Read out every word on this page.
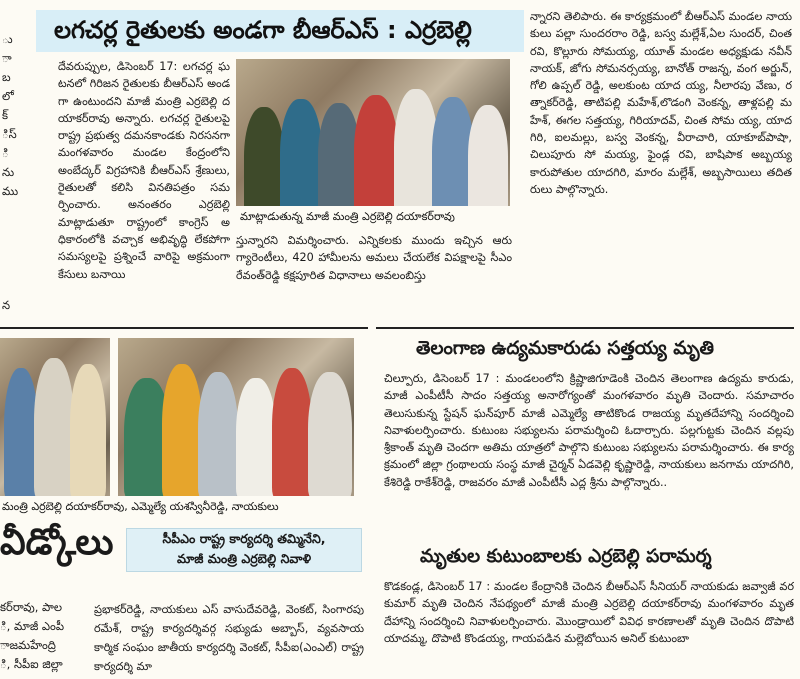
ు
ా
బ
లో
క్
ిస్
ి
ను
ము
న
లగచర్ల రైతులకు అండగా బీఆర్ఎస్ : ఎర్రబెల్లి
దేవరుప్పుల, డిసెంబర్ 17: లగచర్ల ఘటనలో గిరిజన రైతులకు బీఆర్ఎస్ అండగా ఉంటుందని మాజీ మంత్రి ఎర్రబెల్లి దయాకర్‌రావు అన్నారు. లగచర్ల రైతులపై రాష్ట్ర ప్రభుత్వ దమనకాండకు నిరసనగా మంగళవారం మండల కేంద్రంలోని అంబేద్కర్ విగ్రహానికి బీఆర్ఎస్ శ్రేణులు, రైతులతో కలిసి వినతిపత్రం సమర్పించారు. అనంతరం ఎర్రబెల్లి మాట్లాడుతూ రాష్ట్రంలో కాంగ్రెస్ అధికారంలోకి వచ్చాక అభివృద్ధి లేకపోగా సమస్యలపై ప్రశ్నించే వారిపై అక్రమంగా కేసులు బనాయి
మాట్లాడుతున్న మాజీ మంత్రి ఎర్రబెల్లి దయాకర్‌రావు
స్తున్నారని విమర్శించారు. ఎన్నికలకు ముందు ఇచ్చిన ఆరు గ్యారెంటీలు, 420 హామీలను అమలు చేయలేక విపక్షాలపై సీఎం రేవంత్‌రెడ్డి కక్షపూరిత విధానాలు అవలంబిస్తు
న్నారని తెలిపారు. ఈ కార్యక్రమంలో బీఆర్ఎస్ మండల నాయకులు పల్లా సుందరరాం రెడ్డి, బస్వ మల్లేశ్,ఏల సుందర్, చింత రవి, కొల్లూరు సోమయ్య, యూత్ మండల అధ్యక్షుడు నవీన్ నాయక్, జోగు సోమనర్సయ్య, బానోత్ రాజన్న, వంగ అర్జున్, గోలి ఉప్పల్ రెడ్డి, అలకుంట యాద య్య, నీలారపు వేణు, రత్నాకర్‌రెడ్డి, తాటిపల్లి మహేశ్,లొడంగి వెంకన్న, తాళ్లపల్లి మహేశ్, ఈగల సత్తయ్య, గిరియాదవ్, చింత సోమ య్య, యాదగిరి, ఐలమల్లు, బస్వ వెంకన్న, వీరాచారి, యాకూబ్‌పాషా, చిలుపూరు సో మయ్య, ఫైండ్ల రవి, బాషిపాక అబ్బయ్య కారుపోతుల యాదగిరి, మారం మల్లేశ్, అబ్బసాయిలు తదితరులు పాల్గొన్నారు.
మంత్రి ఎర్రబెల్లి దయాకర్‌రావు, ఎమ్మెల్యే యశస్వినీరెడ్డి, నాయకులు
వీడ్కోలు	సీపీఎం రాష్ట్ర కార్యదర్శి తమ్మినేని,
మాజీ మంత్రి ఎర్రబెల్లి నివాళి
కర్‌రావు, పాల
ి, మాజీ ఎంపీ
ాజమహేంద్రి
ి, సీపీఐ జిల్లా
ప్రభాకర్‌రెడ్డి, నాయకులు ఎస్ వాసుదేవరెడ్డి, వెంకట్, సింగారపు రమేశ్, రాష్ట్ర కార్యదర్శివర్గ సభ్యుడు అబ్బాస్, వ్యవసాయ కార్మిక సంఘం జాతీయ కార్యదర్శి వెంకట్, సీపీఐ(ఎంఎల్) రాష్ట్ర కార్యదర్శి మా
తెలంగాణ ఉద్యమకారుడు సత్తయ్య మృతి
చిల్పూరు, డిసెంబర్ 17 : మండలంలోని క్రిష్ణాజిగూడెంకి చెందిన తెలంగాణ ఉద్యమ కారుడు, మాజీ ఎంపీటీసీ సాదం సత్తయ్య అనారోగ్యంతో మంగళవారం మృతి చెందారు. సమాచారం తెలుసుకున్న స్టేషన్ ఘన్‌పూర్ మాజీ ఎమ్మెల్యే తాటికొండ రాజయ్య మృతదేహాన్ని సందర్శించి నివాళులర్పించారు. కుటుంబ సభ్యులను పరామర్శించి ఓదార్చారు. పల్లగుట్టకు చెందిన వల్లపు శ్రీకాంత్ మృతి చెందగా అతిమ యాత్రలో పాల్గొని కుటుంబ సభ్యులను పరామర్శించారు. ఈ కార్యక్రమంలో జిల్లా గ్రంథాలయ సంస్థ మాజీ చైర్మన్ ఏడవెల్లి కృష్ణారెడ్డి, నాయకులు జనగామ యాదగిరి, కేశిరెడ్డి రాకేశ్‌రెడ్డి, రాజవరం మాజీ ఎంపీటీసీ ఎద్ల శ్రీను పాల్గొన్నారు..
మృతుల కుటుంబాలకు ఎర్రబెల్లి పరామర్శ
కొడకండ్ల, డిసెంబర్ 17 : మండల కేంద్రానికి చెందిన బీఆర్ఎస్ సీనియర్ నాయకుడు జవ్వాజీ వరకుమార్ మృతి చెందిన నేపథ్యంలో మాజీ మంత్రి ఎర్రబెల్లి దయాకర్‌రావు మంగళవారం మృతదేహాన్ని సందర్శించి నివాళులర్పించారు. మొండ్రాయిలో వివిధ కారణాలతో మృతి చెందిన దొపాటి యాదమ్మ, దొపాటి కొండయ్య, గాయపడిన మల్లెబోయిన అనిల్ కుటుంబా
